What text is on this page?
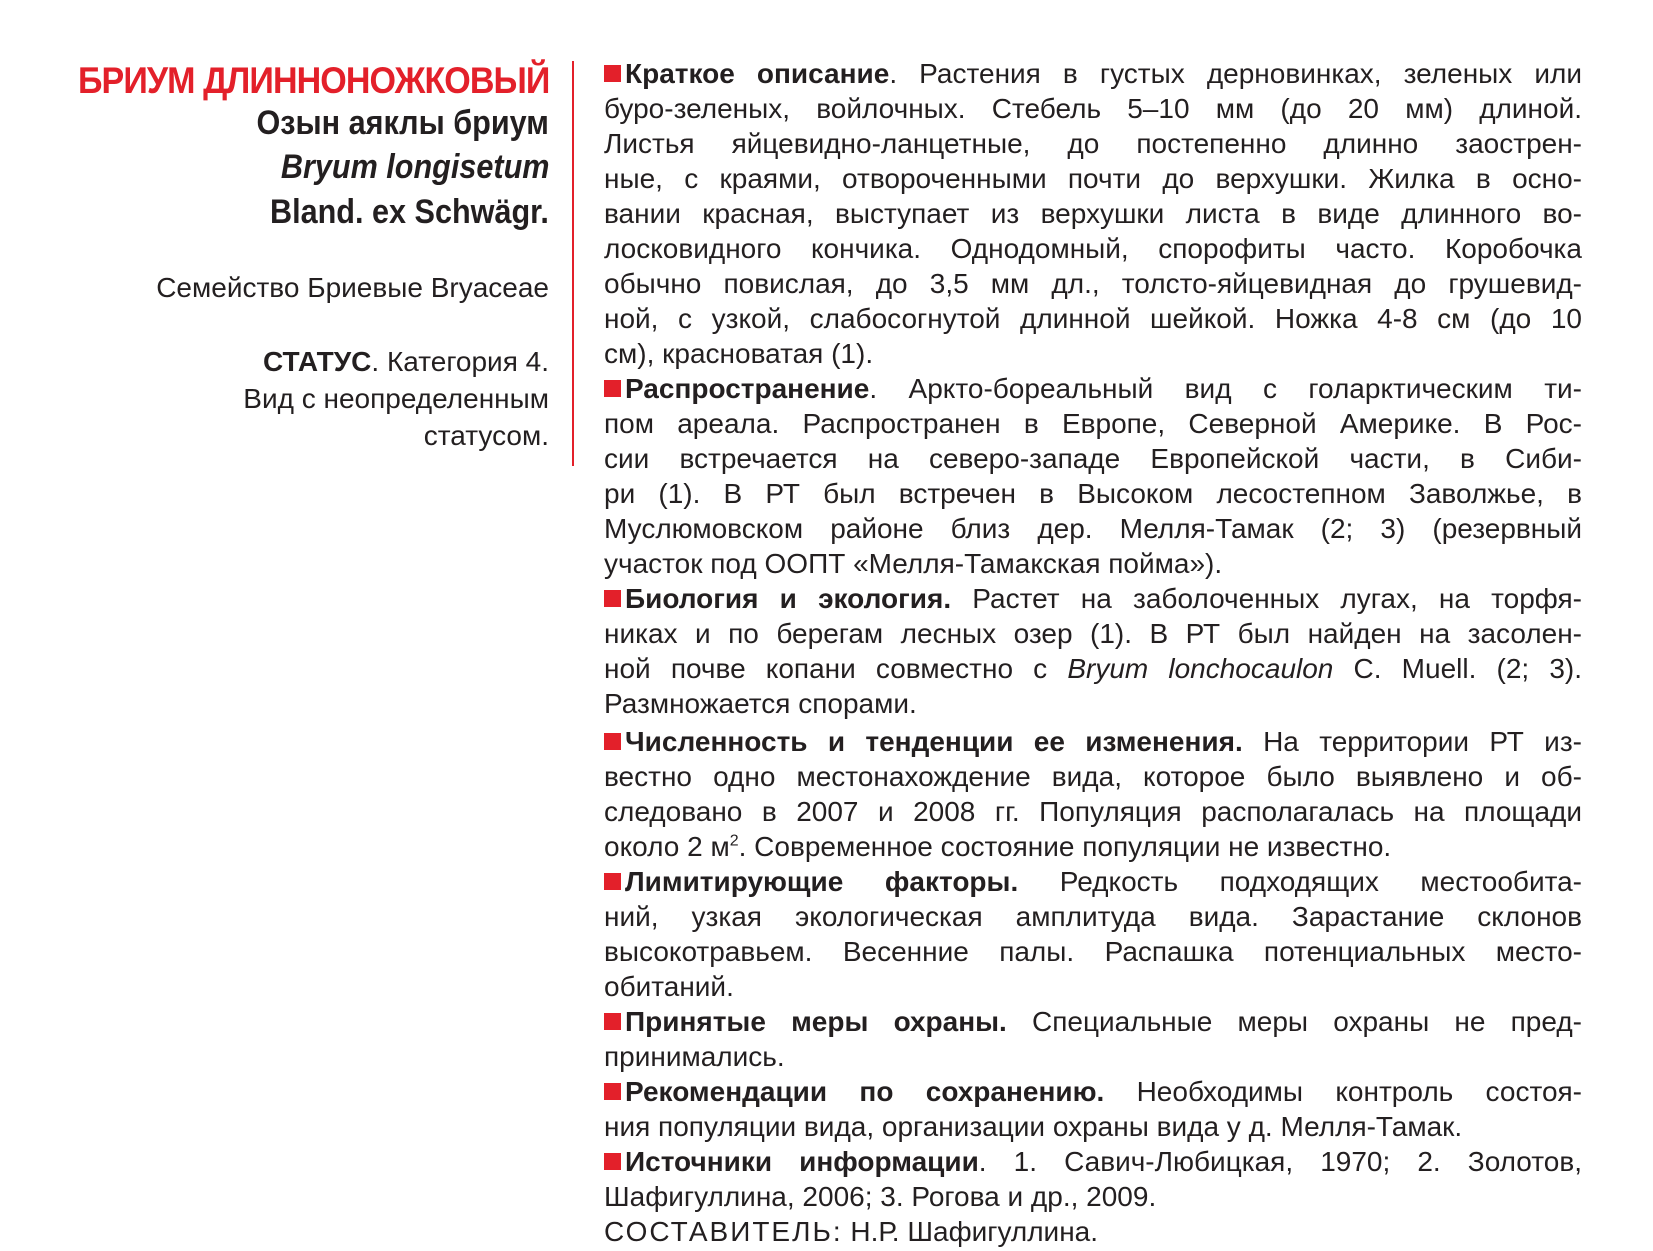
БРИУМ ДЛИННОНОЖКОВЫЙ
Озын аяклы бриум
Bryum longisetum
Bland. ex Schwägr.
Семейство Бриевые Bryaceae
СТАТУС. Категория 4.
Вид с неопределенным
статусом.
Краткое описание. Растения в густых дерновинках, зеленых или
буро-зеленых, войлочных. Стебель 5–10 мм (до 20 мм) длиной.
Листья яйцевидно-ланцетные, до постепенно длинно заострен-
ные, с краями, отвороченными почти до верхушки. Жилка в осно-
вании красная, выступает из верхушки листа в виде длинного во-
лосковидного кончика. Однодомный, спорофиты часто. Коробочка
обычно повислая, до 3,5 мм дл., толсто-яйцевидная до грушевид-
ной, с узкой, слабосогнутой длинной шейкой. Ножка 4-8 см (до 10
см), красноватая (1).
Распространение. Аркто-бореальный вид с голарктическим ти-
пом ареала. Распространен в Европе, Северной Америке. В Рос-
сии встречается на северо-западе Европейской части, в Сиби-
ри (1). В РТ был встречен в Высоком лесостепном Заволжье, в
Муслюмовском районе близ дер. Мелля-Тамак (2; 3) (резервный
участок под ООПТ «Мелля-Тамакская пойма»).
Биология и экология. Растет на заболоченных лугах, на торфя-
никах и по берегам лесных озер (1). В РТ был найден на засолен-
ной почве копани совместно с Bryum lonchocaulon C. Muell. (2; 3).
Размножается спорами.
Численность и тенденции ее изменения. На территории РТ из-
вестно одно местонахождение вида, которое было выявлено и об-
следовано в 2007 и 2008 гг. Популяция располагалась на площади
около 2 $м^2$. Современное состояние популяции не известно.
Лимитирующие факторы. Редкость подходящих местообита-
ний, узкая экологическая амплитуда вида. Зарастание склонов
высокотравьем. Весенние палы. Распашка потенциальных место-
обитаний.
Принятые меры охраны. Специальные меры охраны не пред-
принимались.
Рекомендации по сохранению. Необходимы контроль состоя-
ния популяции вида, организации охраны вида у д. Мелля-Тамак.
Источники информации. 1. Савич-Любицкая, 1970; 2. Золотов,
Шафигуллина, 2006; 3. Рогова и др., 2009.
СОСТАВИТЕЛЬ: Н.Р. Шафигуллина.
